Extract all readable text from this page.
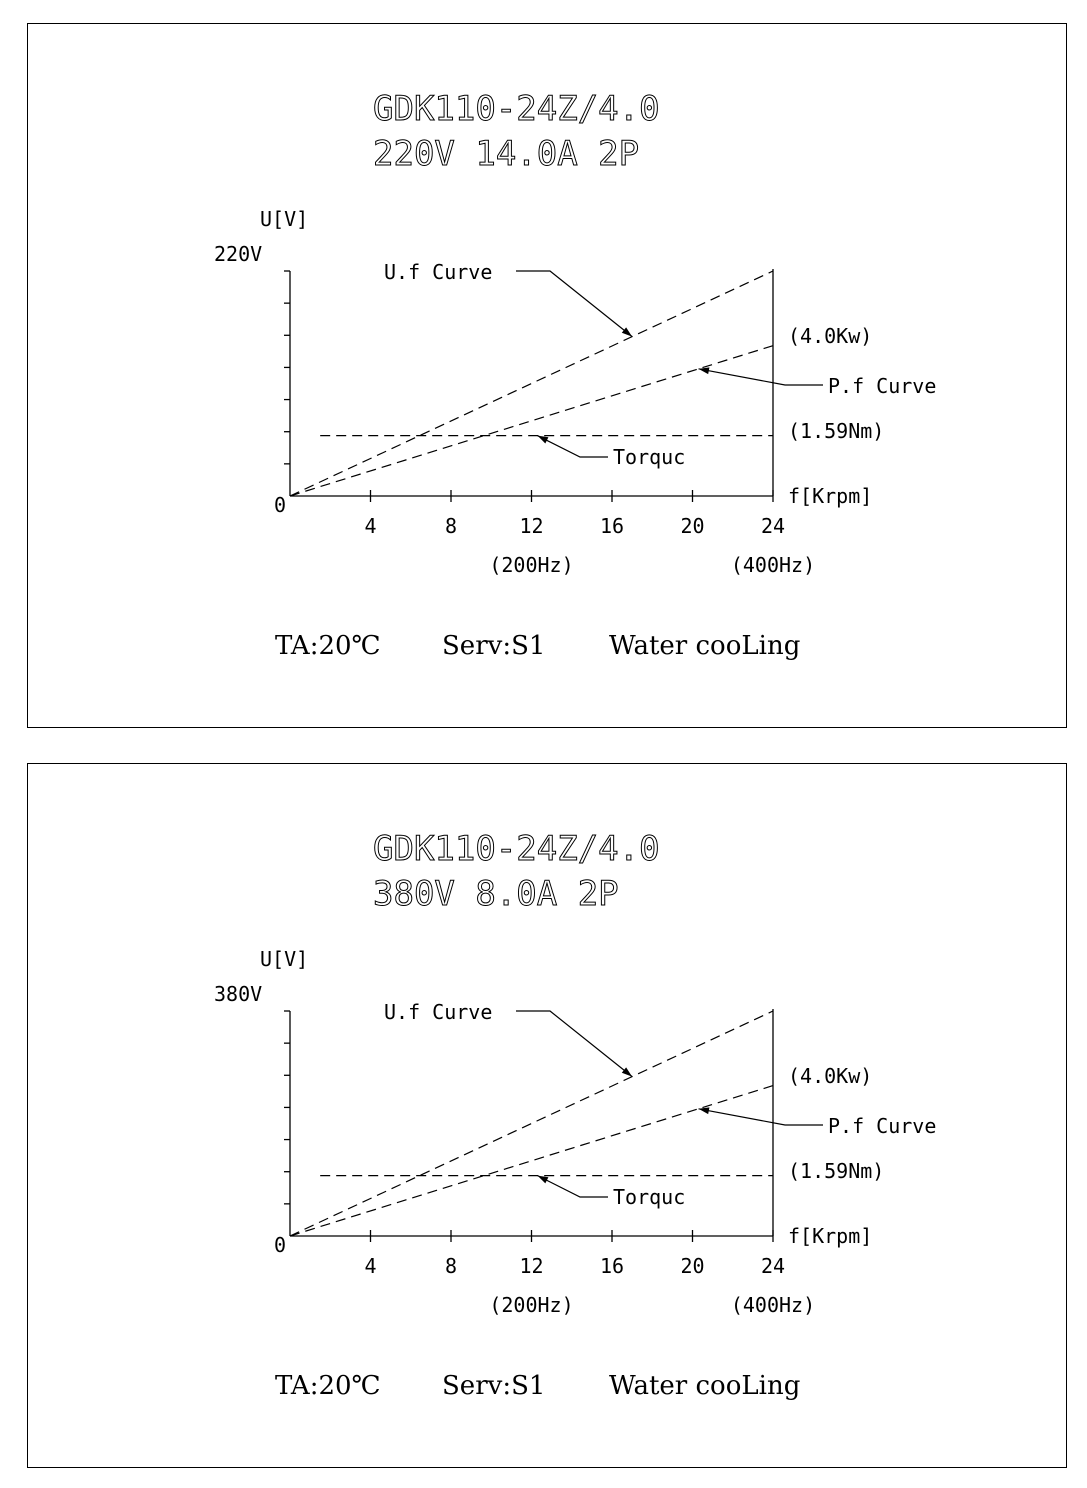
GDK110-24Z/4.0
220V 14.0A 2P
U[V]
220V
0	f[Krpm]
U.f Curve
P.f Curve
(4.0Kw)
Torquc
(1.59Nm)
(200Hz)	(400Hz)
TA:20℃ Serv:S1 Water cooLing
4	8	12	16	20	24
GDK110-24Z/4.0
380V 8.0A 2P
U[V]
380V
0	f[Krpm]
U.f Curve
P.f Curve
(4.0Kw)
Torquc
(1.59Nm)
(200Hz)	(400Hz)
TA:20℃ Serv:S1 Water cooLing
4	8	12	16	20	24
